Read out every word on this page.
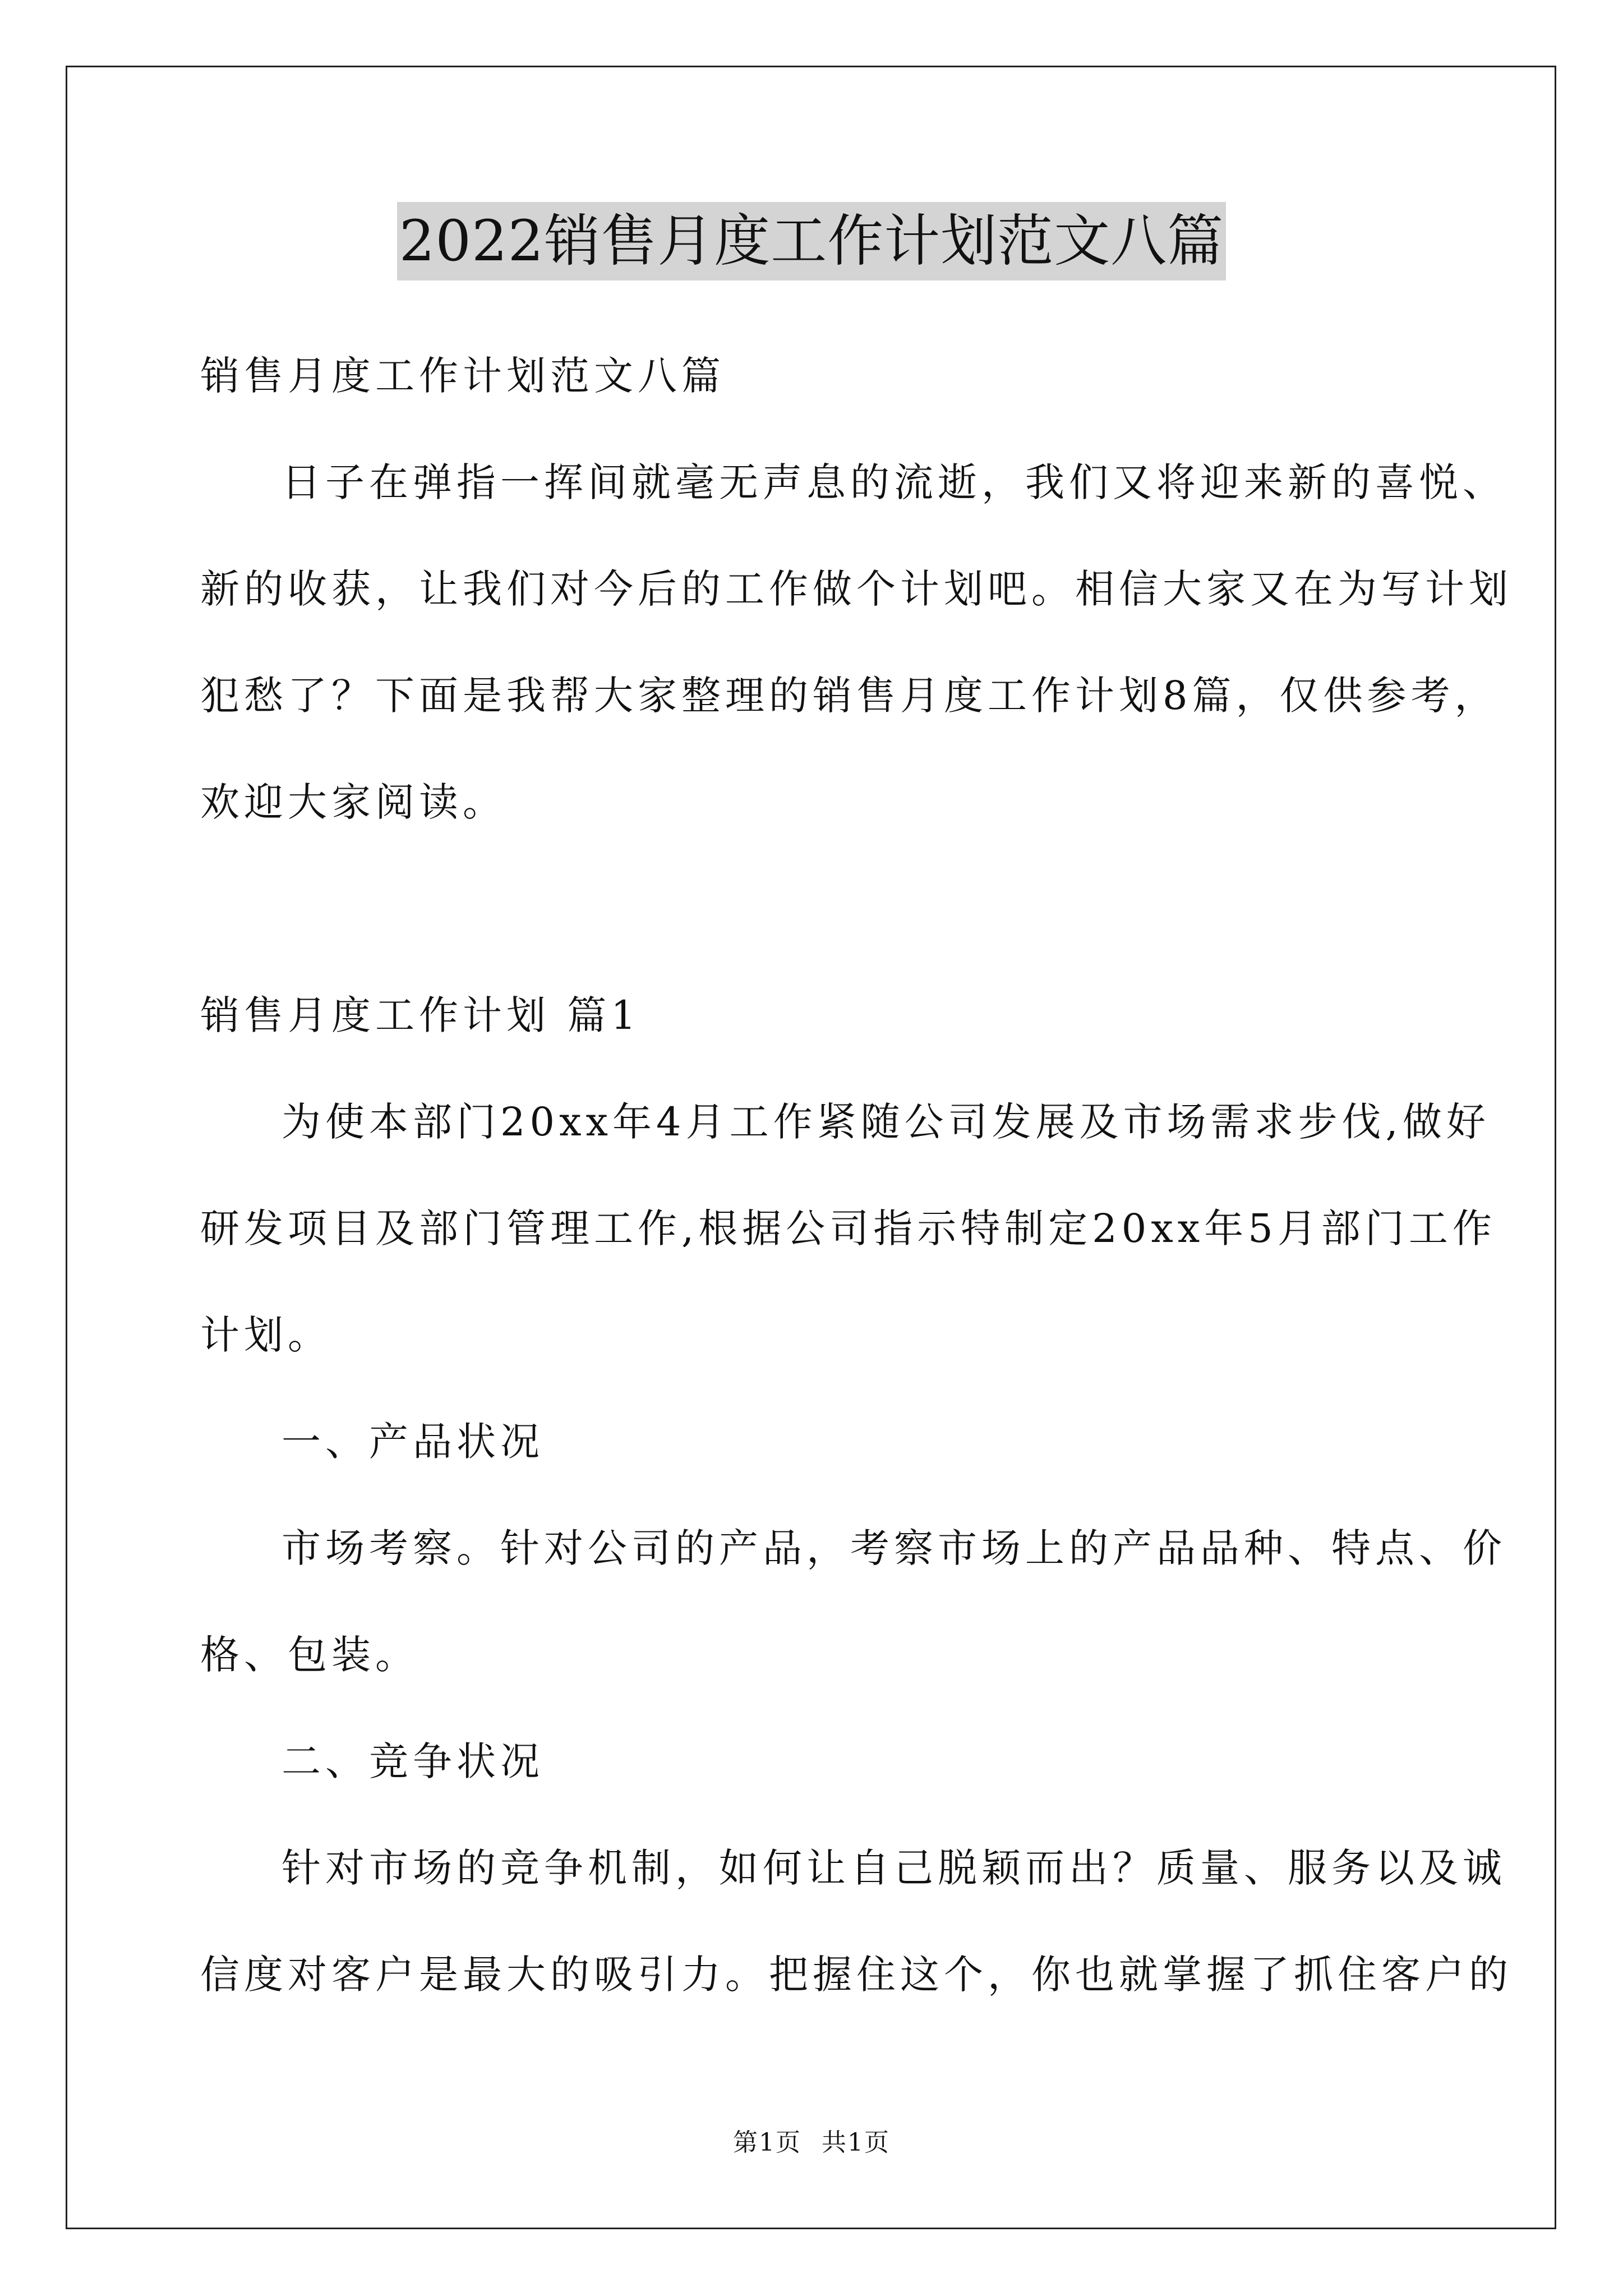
2022销售月度工作计划范文八篇
销售月度工作计划范文八篇
日子在弹指一挥间就毫无声息的流逝，我们又将迎来新的喜悦、
新的收获，让我们对今后的工作做个计划吧。相信大家又在为写计划
犯愁了？下面是我帮大家整理的销售月度工作计划8篇，仅供参考，
欢迎大家阅读。
销售月度工作计划 篇1
为使本部门20xx年4月工作紧随公司发展及市场需求步伐,做好
研发项目及部门管理工作,根据公司指示特制定20xx年5月部门工作
计划。
一、产品状况
市场考察。针对公司的产品，考察市场上的产品品种、特点、价
格、包装。
二、竞争状况
针对市场的竞争机制，如何让自己脱颖而出？质量、服务以及诚
信度对客户是最大的吸引力。把握住这个，你也就掌握了抓住客户的
第1页 共1页
